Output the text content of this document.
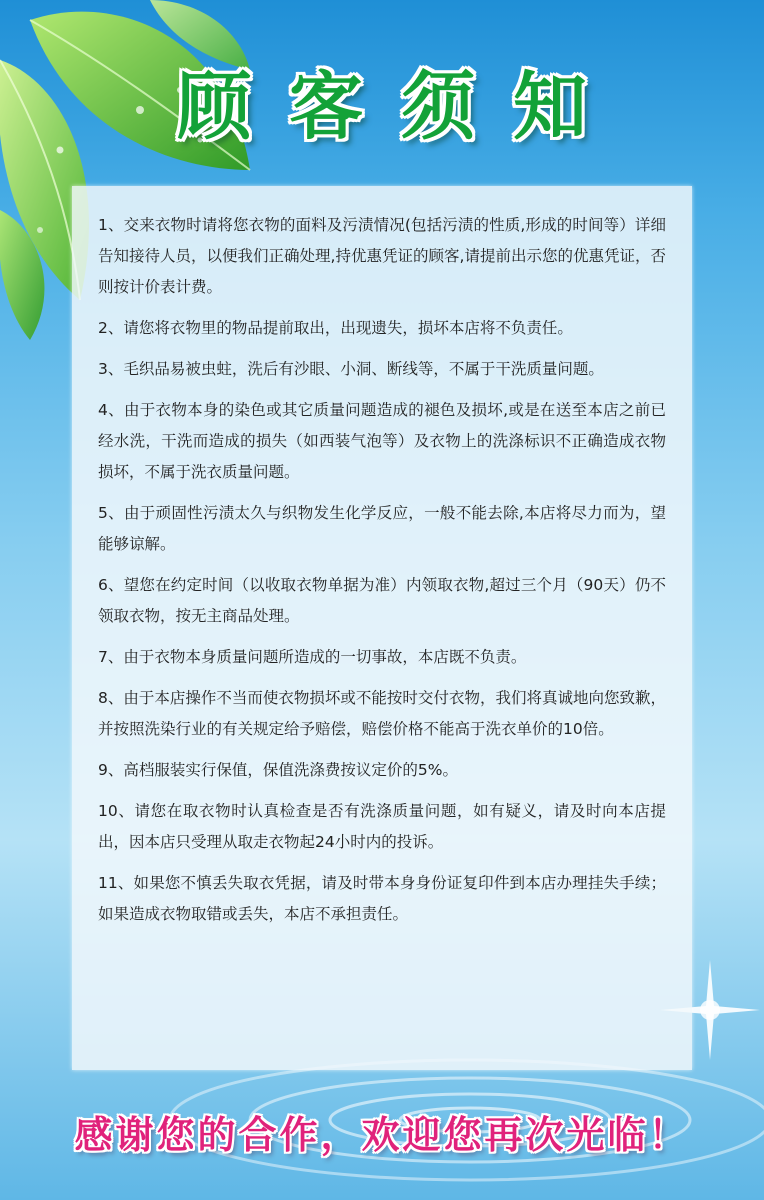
顾客须知

1、交来衣物时请将您衣物的面料及污渍情况(包括污渍的性质,形成的时间等）详细告知接待人员，以便我们正确处理,持优惠凭证的顾客,请提前出示您的优惠凭证，否则按计价表计费。

2、请您将衣物里的物品提前取出，出现遗失，损坏本店将不负责任。

3、毛织品易被虫蛀，洗后有沙眼、小洞、断线等，不属于干洗质量问题。

4、由于衣物本身的染色或其它质量问题造成的褪色及损坏,或是在送至本店之前已经水洗，干洗而造成的损失（如西装气泡等）及衣物上的洗涤标识不正确造成衣物损坏，不属于洗衣质量问题。

5、由于顽固性污渍太久与织物发生化学反应，一般不能去除,本店将尽力而为，望能够谅解。

6、望您在约定时间（以收取衣物单据为准）内领取衣物,超过三个月（90天）仍不领取衣物，按无主商品处理。

7、由于衣物本身质量问题所造成的一切事故，本店既不负责。

8、由于本店操作不当而使衣物损坏或不能按时交付衣物，我们将真诚地向您致歉，并按照洗染行业的有关规定给予赔偿，赔偿价格不能高于洗衣单价的10倍。

9、高档服装实行保值，保值洗涤费按议定价的5%。

10、请您在取衣物时认真检查是否有洗涤质量问题，如有疑义，请及时向本店提出，因本店只受理从取走衣物起24小时内的投诉。

11、如果您不慎丢失取衣凭据，请及时带本身身份证复印件到本店办理挂失手续；如果造成衣物取错或丢失，本店不承担责任。

感谢您的合作，欢迎您再次光临！
